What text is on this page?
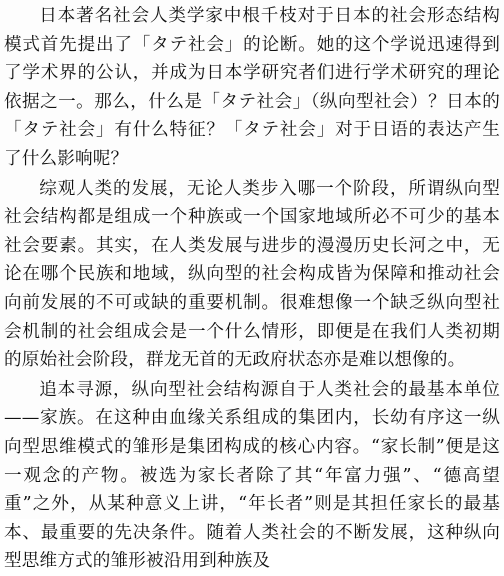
日本著名社会人类学家中根千枝对于日本的社会形态结构模式首先提出了「タテ社会」的论断。她的这个学说迅速得到了学术界的公认，并成为日本学研究者们进行学术研究的理论依据之一。那么，什么是「タテ社会」（纵向型社会）？日本的「タテ社会」有什么特征？「タテ社会」对于日语的表达产生了什么影响呢？

综观人类的发展，无论人类步入哪一个阶段，所谓纵向型社会结构都是组成一个种族或一个国家地域所必不可少的基本社会要素。其实，在人类发展与进步的漫漫历史长河之中，无论在哪个民族和地域，纵向型的社会构成皆为保障和推动社会向前发展的不可或缺的重要机制。很难想像一个缺乏纵向型社会机制的社会组成会是一个什么情形，即便是在我们人类初期的原始社会阶段，群龙无首的无政府状态亦是难以想像的。

追本寻源，纵向型社会结构源自于人类社会的最基本单位——家族。在这种由血缘关系组成的集团内，长幼有序这一纵向型思维模式的雏形是集团构成的核心内容。“家长制”便是这一观念的产物。被选为家长者除了其“年富力强”、“德高望重”之外，从某种意义上讲，“年长者”则是其担任家长的最基本、最重要的先决条件。随着人类社会的不断发展，这种纵向型思维方式的雏形被沿用到种族及
